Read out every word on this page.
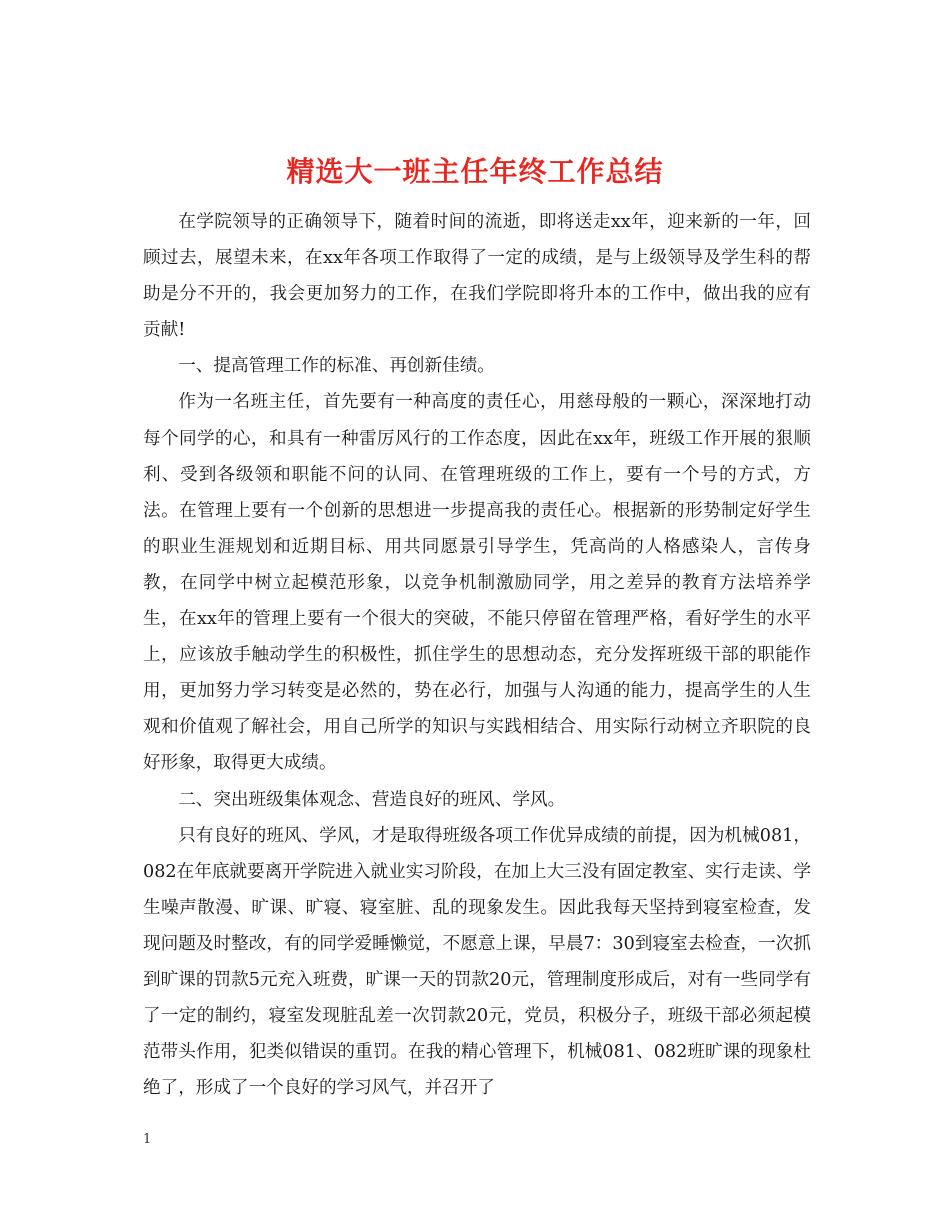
精选大一班主任年终工作总结

在学院领导的正确领导下，随着时间的流逝，即将送走xx年，迎来新的一年，回顾过去，展望未来，在xx年各项工作取得了一定的成绩，是与上级领导及学生科的帮助是分不开的，我会更加努力的工作，在我们学院即将升本的工作中，做出我的应有贡献!

一、提高管理工作的标准、再创新佳绩。

作为一名班主任，首先要有一种高度的责任心，用慈母般的一颗心，深深地打动每个同学的心，和具有一种雷厉风行的工作态度，因此在xx年，班级工作开展的狠顺利、受到各级领和职能不问的认同、在管理班级的工作上，要有一个号的方式，方法。在管理上要有一个创新的思想进一步提高我的责任心。根据新的形势制定好学生的职业生涯规划和近期目标、用共同愿景引导学生，凭高尚的人格感染人，言传身教，在同学中树立起模范形象，以竞争机制激励同学，用之差异的教育方法培养学生，在xx年的管理上要有一个很大的突破，不能只停留在管理严格，看好学生的水平上，应该放手触动学生的积极性，抓住学生的思想动态，充分发挥班级干部的职能作用，更加努力学习转变是必然的，势在必行，加强与人沟通的能力，提高学生的人生观和价值观了解社会，用自己所学的知识与实践相结合、用实际行动树立齐职院的良好形象，取得更大成绩。

二、突出班级集体观念、营造良好的班风、学风。

只有良好的班风、学风，才是取得班级各项工作优异成绩的前提，因为机械081，082在年底就要离开学院进入就业实习阶段，在加上大三没有固定教室、实行走读、学生噪声散漫、旷课、旷寝、寝室脏、乱的现象发生。因此我每天坚持到寝室检查，发现问题及时整改，有的同学爱睡懒觉，不愿意上课，早晨7：30到寝室去检查，一次抓到旷课的罚款5元充入班费，旷课一天的罚款20元，管理制度形成后，对有一些同学有了一定的制约，寝室发现脏乱差一次罚款20元，党员，积极分子，班级干部必须起模范带头作用，犯类似错误的重罚。在我的精心管理下，机械081、082班旷课的现象杜绝了，形成了一个良好的学习风气，并召开了

1
